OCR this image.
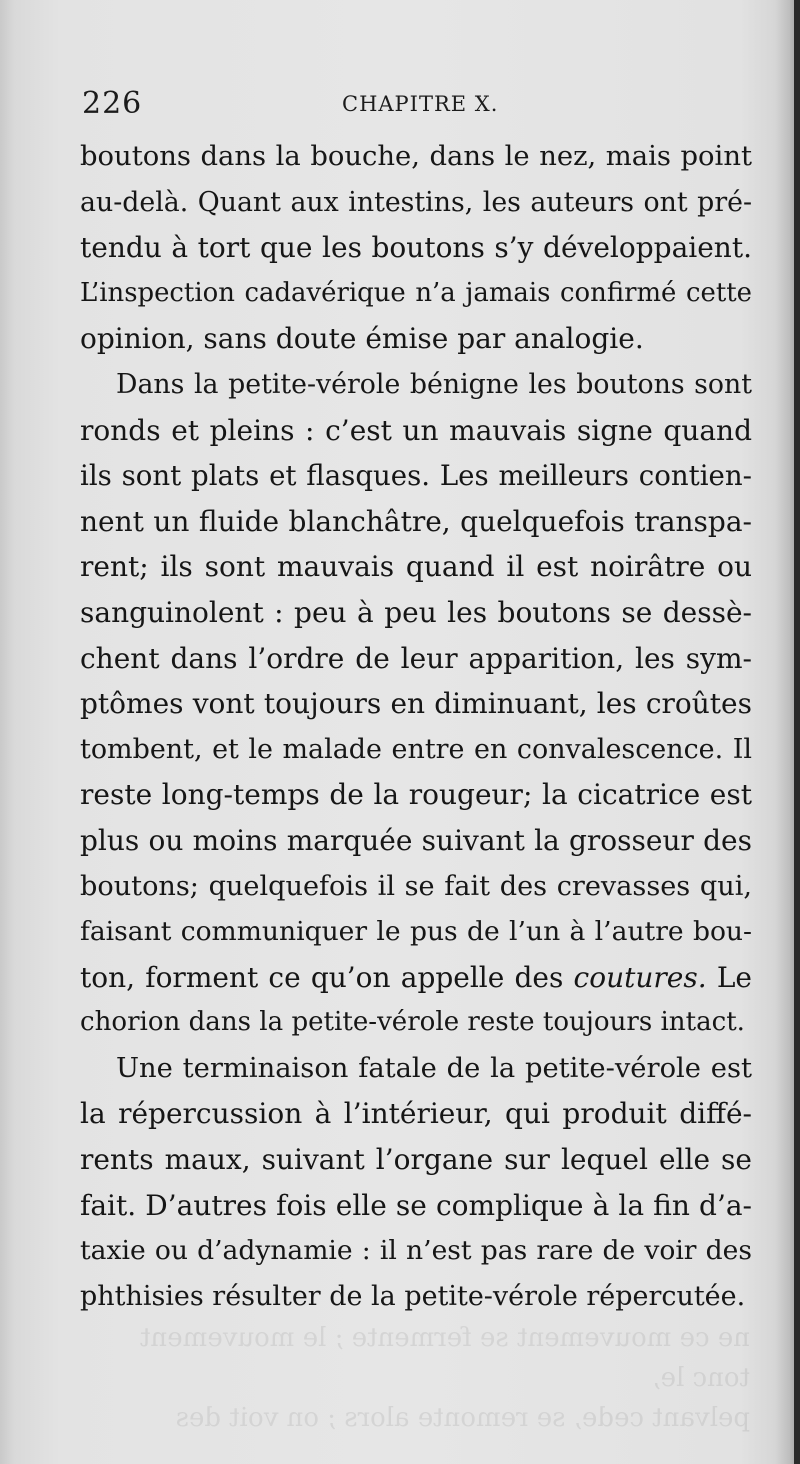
226	CHAPITRE X.
boutons dans la bouche, dans le nez, mais point
au-delà. Quant aux intestins, les auteurs ont pré-
tendu à tort que les boutons s’y développaient.
L’inspection cadavérique n’a jamais confirmé cette
opinion, sans doute émise par analogie.
Dans la petite-vérole bénigne les boutons sont
ronds et pleins : c’est un mauvais signe quand
ils sont plats et flasques. Les meilleurs contien-
nent un fluide blanchâtre, quelquefois transpa-
rent; ils sont mauvais quand il est noirâtre ou
sanguinolent : peu à peu les boutons se dessè-
chent dans l’ordre de leur apparition, les sym-
ptômes vont toujours en diminuant, les croûtes
tombent, et le malade entre en convalescence. Il
reste long-temps de la rougeur; la cicatrice est
plus ou moins marquée suivant la grosseur des
boutons; quelquefois il se fait des crevasses qui,
faisant communiquer le pus de l’un à l’autre bou-
ton, forment ce qu’on appelle des coutures. Le
chorion dans la petite-vérole reste toujours intact.
Une terminaison fatale de la petite-vérole est
la répercussion à l’intérieur, qui produit diffé-
rents maux, suivant l’organe sur lequel elle se
fait. D’autres fois elle se complique à la fin d’a-
taxie ou d’adynamie : il n’est pas rare de voir des
phthisies résulter de la petite-vérole répercutée.
ne ce mouvement se fermente ; le mouvement tonc le,
pelvant cede, se remonte alors ; on voit des
